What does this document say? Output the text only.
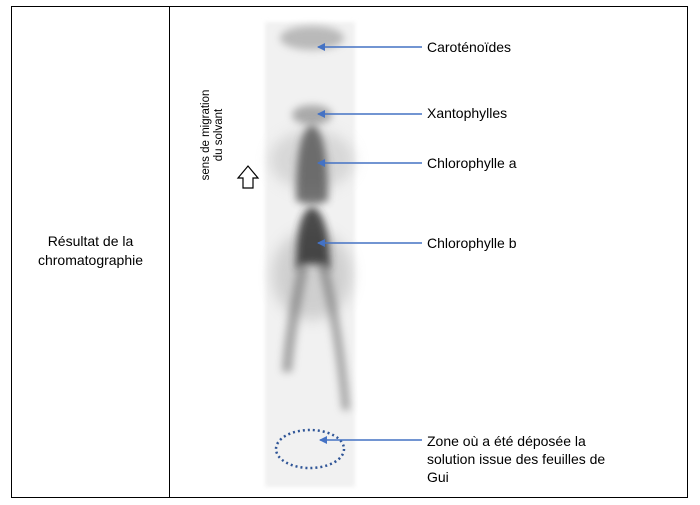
Résultat de la chromatographie
sens de migration du solvant
Caroténoïdes
Xantophylles
Chlorophylle a
Chlorophylle b
Zone où a été déposée la
solution issue des feuilles de
Gui
